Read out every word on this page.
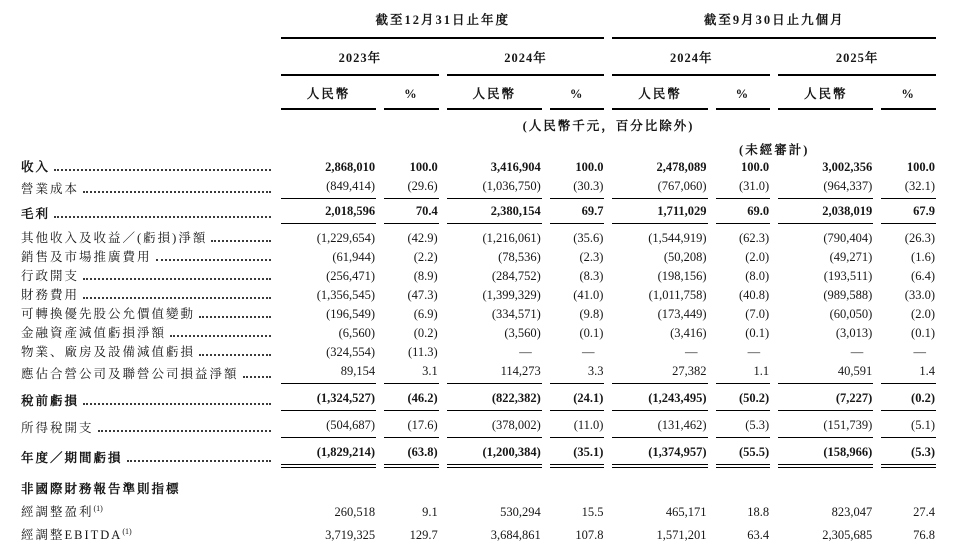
	截至12月31日止年度				截至9月30日止九個月			
	2023年		2024年		2024年		2025年	
	人民幣	%	人民幣	%	人民幣	%	人民幣	%
	(人民幣千元，百分比除外)							
					(未經審計)			

收入	2,868,010	100.0	3,416,904	100.0	2,478,089	100.0	3,002,356	100.0

營業成本	(849,414)	(29.6)	(1,036,750)	(30.3)	(767,060)	(31.0)	(964,337)	(32.1)

毛利	2,018,596	70.4	2,380,154	69.7	1,711,029	69.0	2,038,019	67.9

其他收入及收益／(虧損)淨額	(1,229,654)	(42.9)	(1,216,061)	(35.6)	(1,544,919)	(62.3)	(790,404)	(26.3)

銷售及市場推廣費用	(61,944)	(2.2)	(78,536)	(2.3)	(50,208)	(2.0)	(49,271)	(1.6)

行政開支	(256,471)	(8.9)	(284,752)	(8.3)	(198,156)	(8.0)	(193,511)	(6.4)

財務費用	(1,356,545)	(47.3)	(1,399,329)	(41.0)	(1,011,758)	(40.8)	(989,588)	(33.0)

可轉換優先股公允價值變動	(196,549)	(6.9)	(334,571)	(9.8)	(173,449)	(7.0)	(60,050)	(2.0)

金融資產減值虧損淨額	(6,560)	(0.2)	(3,560)	(0.1)	(3,416)	(0.1)	(3,013)	(0.1)

物業、廠房及設備減值虧損	(324,554)	(11.3)	—	—	—	—	—	—

應佔合營公司及聯營公司損益淨額	89,154	3.1	114,273	3.3	27,382	1.1	40,591	1.4

稅前虧損	(1,324,527)	(46.2)	(822,382)	(24.1)	(1,243,495)	(50.2)	(7,227)	(0.2)

所得稅開支	(504,687)	(17.6)	(378,002)	(11.0)	(131,462)	(5.3)	(151,739)	(5.1)

年度／期間虧損	(1,829,214)	(63.8)	(1,200,384)	(35.1)	(1,374,957)	(55.5)	(158,966)	(5.3)

非國際財務報告準則指標								

經調整盈利$^{(1)}$	260,518	9.1	530,294	15.5	465,171	18.8	823,047	27.4

經調整EBITDA$^{(1)}$	3,719,325	129.7	3,684,861	107.8	1,571,201	63.4	2,305,685	76.8
